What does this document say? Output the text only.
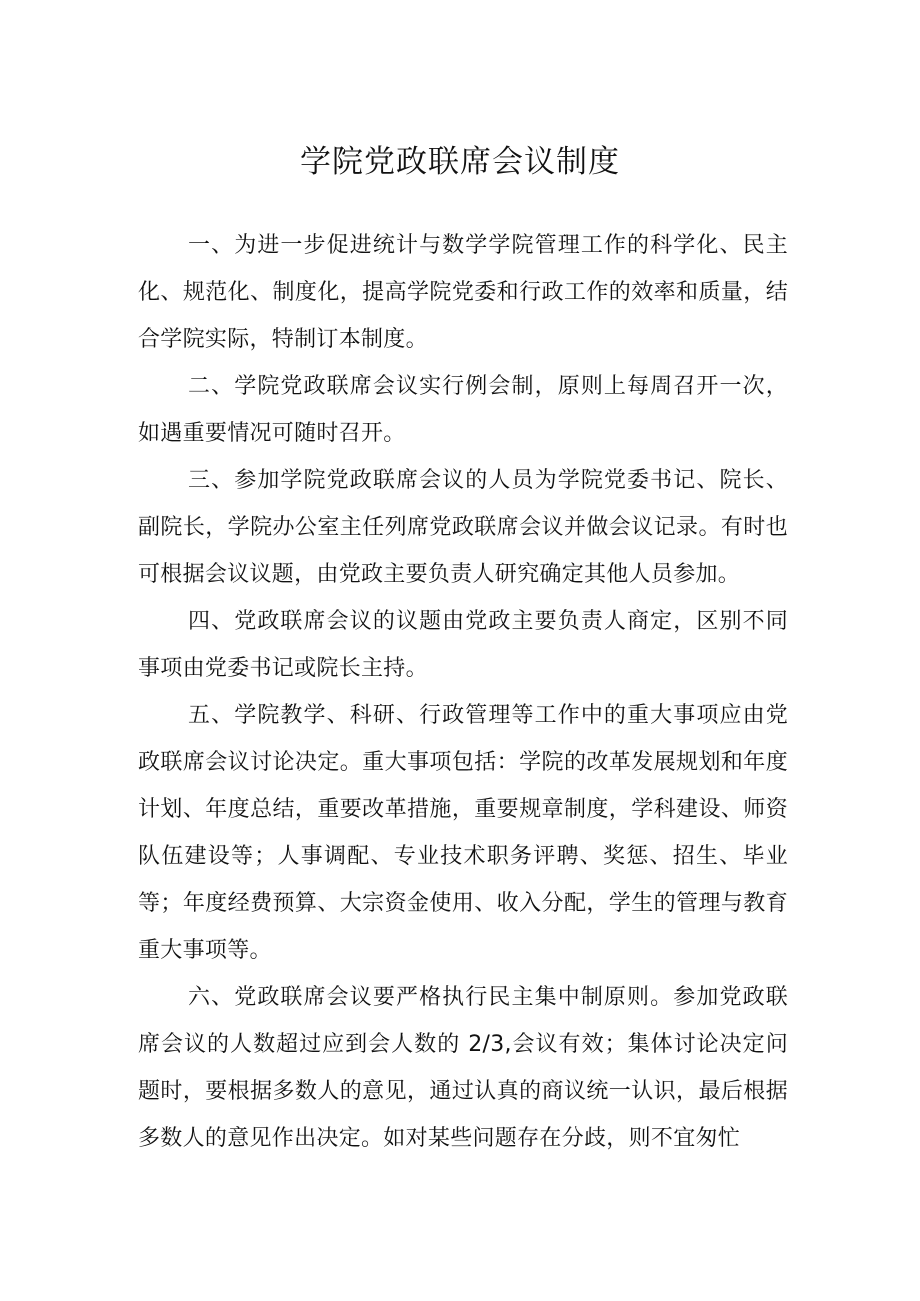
学院党政联席会议制度

一、为进一步促进统计与数学学院管理工作的科学化、民主化、规范化、制度化，提高学院党委和行政工作的效率和质量，结合学院实际，特制订本制度。

二、学院党政联席会议实行例会制，原则上每周召开一次，如遇重要情况可随时召开。

三、参加学院党政联席会议的人员为学院党委书记、院长、副院长，学院办公室主任列席党政联席会议并做会议记录。有时也可根据会议议题，由党政主要负责人研究确定其他人员参加。

四、党政联席会议的议题由党政主要负责人商定，区别不同事项由党委书记或院长主持。

五、学院教学、科研、行政管理等工作中的重大事项应由党政联席会议讨论决定。重大事项包括：学院的改革发展规划和年度计划、年度总结，重要改革措施，重要规章制度，学科建设、师资队伍建设等；人事调配、专业技术职务评聘、奖惩、招生、毕业等；年度经费预算、大宗资金使用、收入分配，学生的管理与教育重大事项等。

六、党政联席会议要严格执行民主集中制原则。参加党政联席会议的人数超过应到会人数的 2/3,会议有效；集体讨论决定问题时，要根据多数人的意见，通过认真的商议统一认识，最后根据多数人的意见作出决定。如对某些问题存在分歧，则不宜匆忙
